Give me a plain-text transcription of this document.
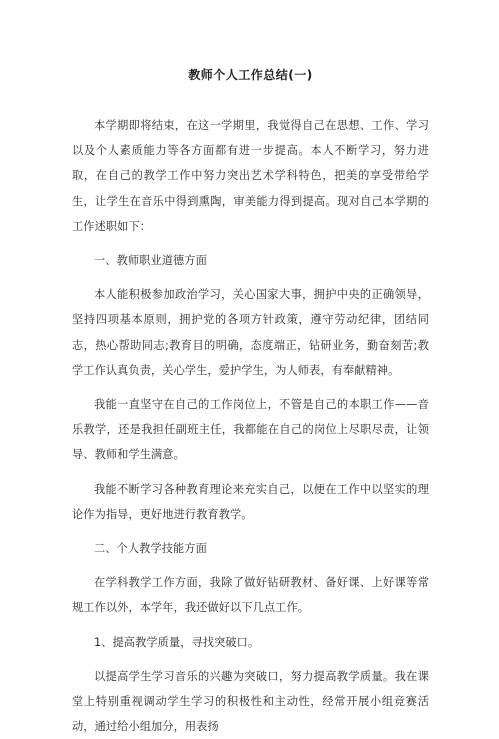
教师个人工作总结(一)

本学期即将结束，在这一学期里，我觉得自己在思想、工作、学习以及个人素质能力等各方面都有进一步提高。本人不断学习，努力进取，在自己的教学工作中努力突出艺术学科特色，把美的享受带给学生，让学生在音乐中得到熏陶，审美能力得到提高。现对自己本学期的工作述职如下：

一、教师职业道德方面

本人能积极参加政治学习，关心国家大事，拥护中央的正确领导，坚持四项基本原则，拥护党的各项方针政策，遵守劳动纪律，团结同志，热心帮助同志;教育目的明确，态度端正，钻研业务，勤奋刻苦;教学工作认真负责，关心学生，爱护学生，为人师表，有奉献精神。

我能一直坚守在自己的工作岗位上，不管是自己的本职工作——音乐教学，还是我担任副班主任，我都能在自己的岗位上尽职尽责，让领导、教师和学生满意。

我能不断学习各种教育理论来充实自己，以便在工作中以坚实的理论作为指导，更好地进行教育教学。

二、个人教学技能方面

在学科教学工作方面，我除了做好钻研教材、备好课、上好课等常规工作以外，本学年，我还做好以下几点工作。

1、提高教学质量，寻找突破口。

以提高学生学习音乐的兴趣为突破口，努力提高教学质量。我在课堂上特别重视调动学生学习的积极性和主动性，经常开展小组竞赛活动，通过给小组加分，用表扬
